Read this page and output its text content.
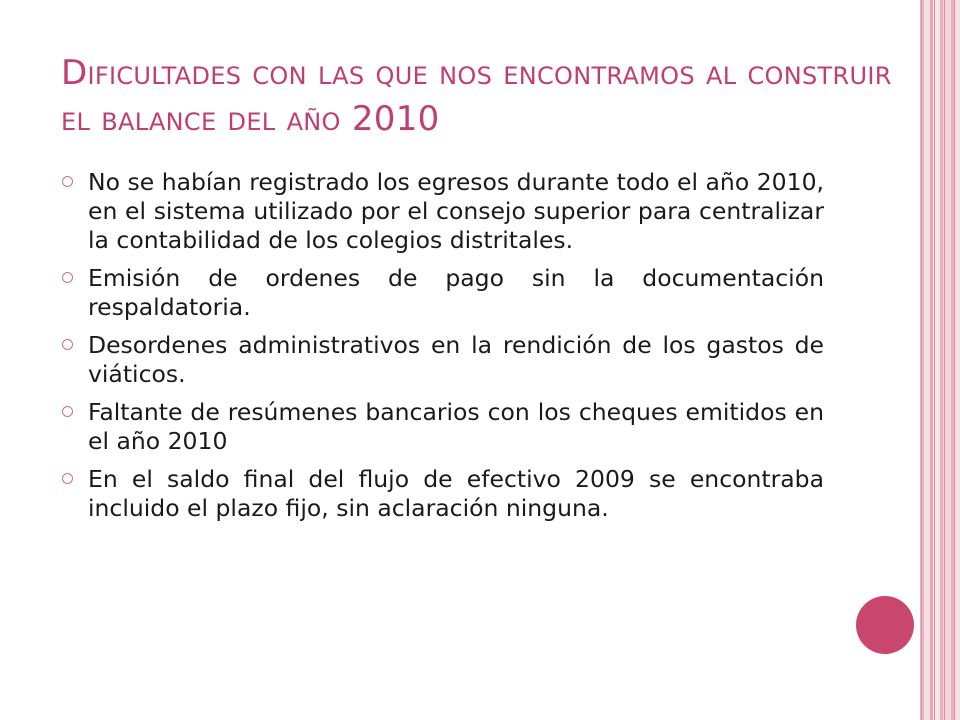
Dificultades con las que nos encontramos al construir el balance del año 2010
No se habían registrado los egresos durante todo el año 2010, en el sistema utilizado por el consejo superior para centralizar la contabilidad de los colegios distritales.
Emisión de ordenes de pago sin la documentación respaldatoria.
Desordenes administrativos en la rendición de los gastos de viáticos.
Faltante de resúmenes bancarios con los cheques emitidos en el año 2010
En el saldo final del flujo de efectivo 2009 se encontraba incluido el plazo fijo, sin aclaración ninguna.
